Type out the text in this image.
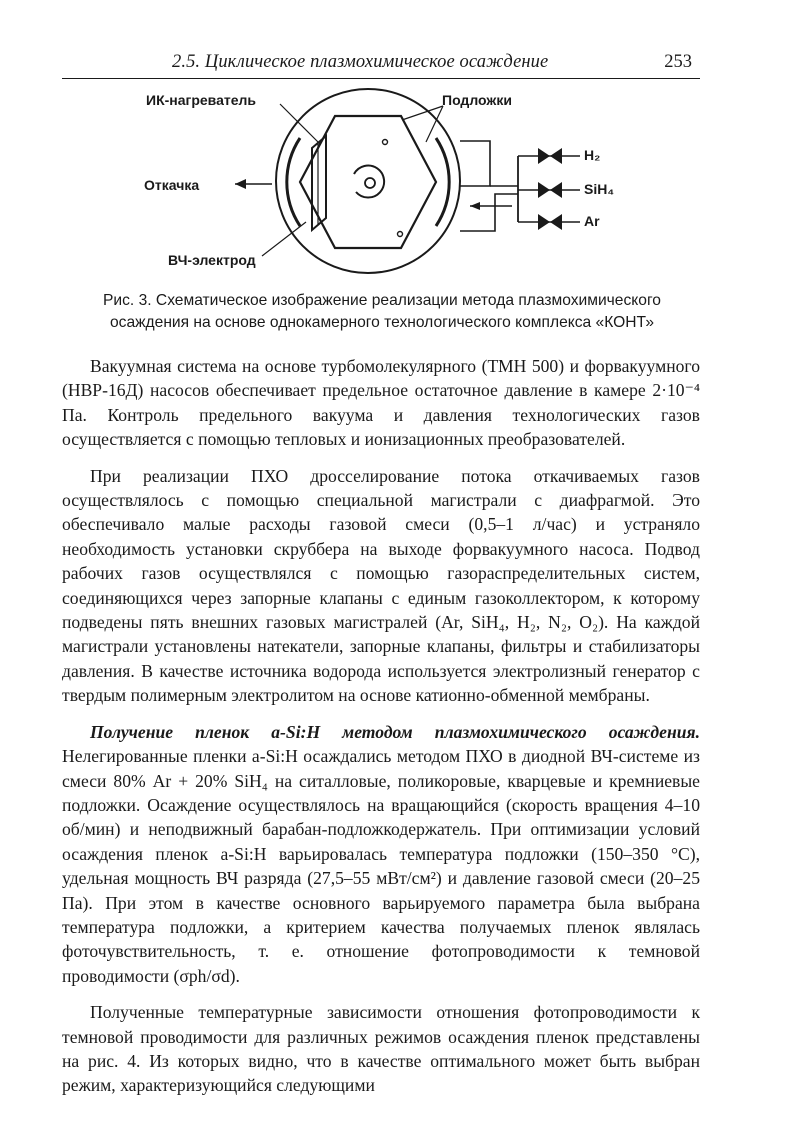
2.5. Циклическое плазмохимическое осаждение	253
ИК-нагреватель	Подложки
Откачка
ВЧ-электрод
H₂
SiH₄
Ar
Рис. 3. Схематическое изображение реализации метода плазмохимического осаждения на основе однокамерного технологического комплекса «КОНТ»

Вакуумная система на основе турбомолекулярного (ТМН 500) и форвакуумного (НВР-16Д) насосов обеспечивает предельное остаточное давление в камере 2·10⁻⁴ Па. Контроль предельного вакуума и давления технологических газов осуществляется с помощью тепловых и ионизационных преобразователей.

При реализации ПХО дросселирование потока откачиваемых газов осуществлялось с помощью специальной магистрали с диафрагмой. Это обеспечивало малые расходы газовой смеси (0,5–1 л/час) и устраняло необходимость установки скруббера на выходе форвакуумного насоса. Подвод рабочих газов осуществлялся с помощью газораспределительных систем, соединяющихся через запорные клапаны с единым газоколлектором, к которому подведены пять внешних газовых магистралей (Ar, SiH₄, H₂, N₂, O₂). На каждой магистрали установлены натекатели, запорные клапаны, фильтры и стабилизаторы давления. В качестве источника водорода используется электролизный генератор с твердым полимерным электролитом на основе катионно-обменной мембраны.

Получение пленок a-Si:H методом плазмохимического осаждения. Нелегированные пленки a-Si:H осаждались методом ПХО в диодной ВЧ-системе из смеси 80% Ar + 20% SiH₄ на ситалловые, поликоровые, кварцевые и кремниевые подложки. Осаждение осуществлялось на вращающийся (скорость вращения 4–10 об/мин) и неподвижный барабан-подложкодержатель. При оптимизации условий осаждения пленок a-Si:H варьировалась температура подложки (150–350 °C), удельная мощность ВЧ разряда (27,5–55 мВт/см²) и давление газовой смеси (20–25 Па). При этом в качестве основного варьируемого параметра была выбрана температура подложки, а критерием качества получаемых пленок являлась фоточувствительность, т. е. отношение фотопроводимости к темновой проводимости (σph/σd).

Полученные температурные зависимости отношения фотопроводимости к темновой проводимости для различных режимов осаждения пленок представлены на рис. 4. Из которых видно, что в качестве оптимального может быть выбран режим, характеризующийся следующими
